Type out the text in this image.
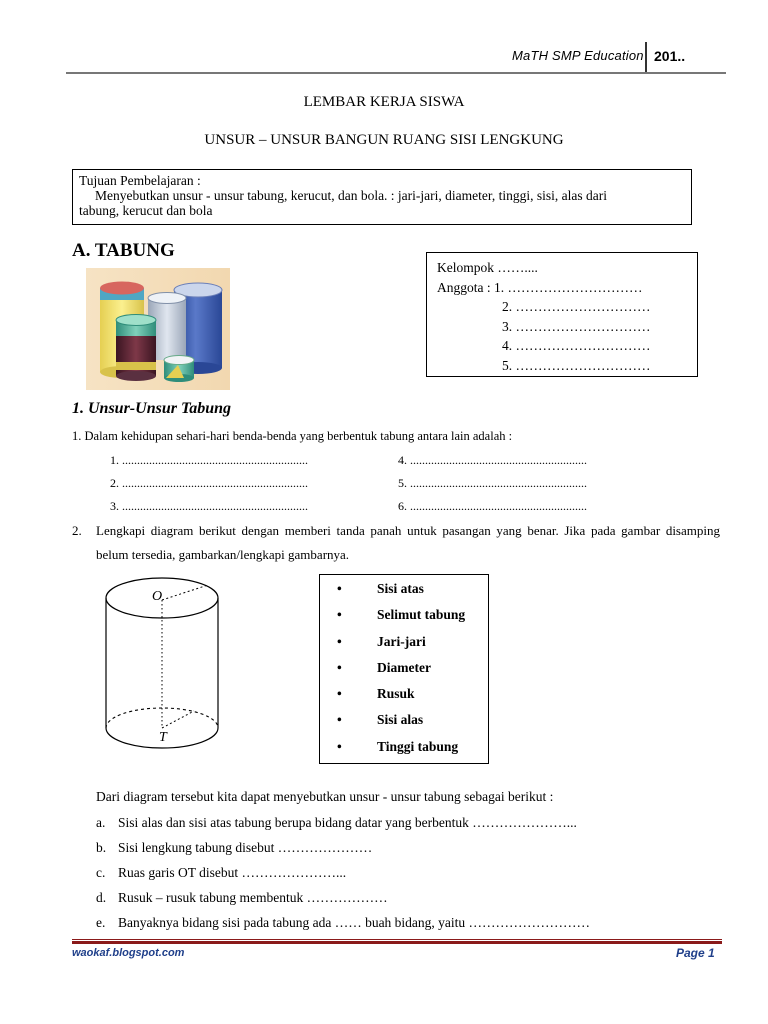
MaTH SMP Education 201..
LEMBAR KERJA SISWA
UNSUR – UNSUR BANGUN RUANG SISI LENGKUNG
Tujuan Pembelajaran :
Menyebutkan unsur - unsur tabung, kerucut, dan bola. : jari-jari, diameter, tinggi, sisi, alas dari
tabung, kerucut dan bola
A. TABUNG
Kelompok ……....
Anggota : 1. …………………………
2. …………………………
3. …………………………
4. …………………………
5. …………………………
1. Unsur-Unsur Tabung
1. Dalam kehidupan sehari-hari benda-benda yang berbentuk tabung antara lain adalah :
1. ..............................................................
2. ..............................................................
3. ..............................................................
4. ...........................................................
5. ...........................................................
6. ...........................................................
2. Lengkapi diagram berikut dengan memberi tanda panah untuk pasangan yang benar. Jika pada gambar disamping belum tersedia, gambarkan/lengkapi gambarnya.
O
T
• Sisi atas
• Selimut tabung
• Jari-jari
• Diameter
• Rusuk
• Sisi alas
• Tinggi tabung
Dari diagram tersebut kita dapat menyebutkan unsur - unsur tabung sebagai berikut :
a. Sisi alas dan sisi atas tabung berupa bidang datar yang berbentuk …………………...
b. Sisi lengkung tabung disebut …………………
c. Ruas garis OT disebut …………………...
d. Rusuk – rusuk tabung membentuk ………………
e. Banyaknya bidang sisi pada tabung ada …… buah bidang, yaitu ………………………
waokaf.blogspot.com	Page 1
